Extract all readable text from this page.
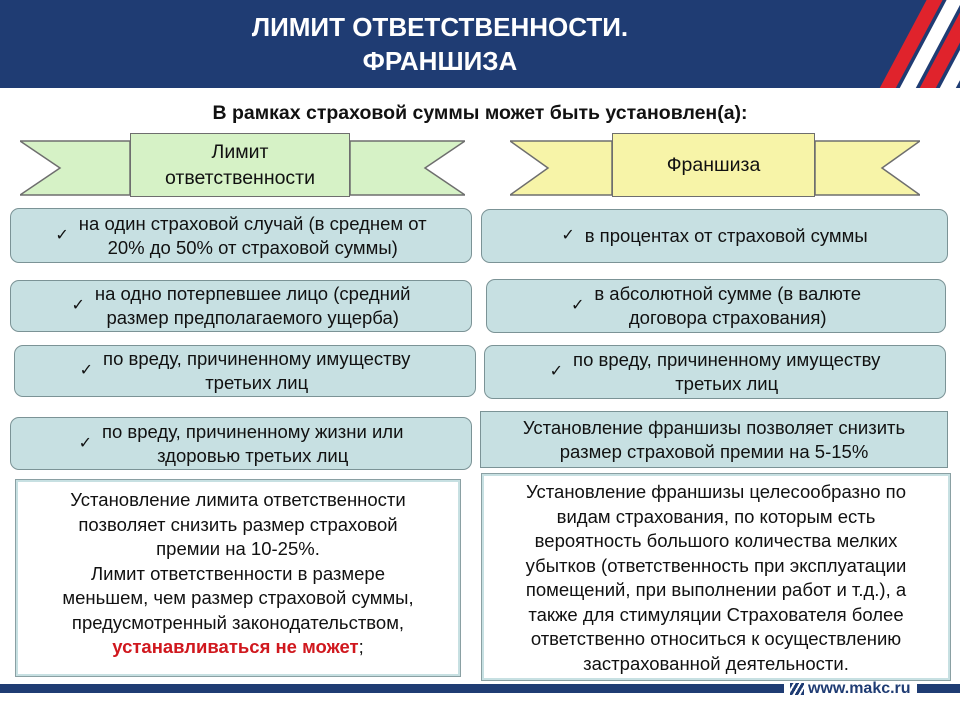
ЛИМИТ ОТВЕТСТВЕННОСТИ.
ФРАНШИЗА
В рамках страховой суммы может быть установлен(а):
Лимит
ответственности
Франшиза
✓
на один страховой случай (в среднем от
20% до 50% от страховой суммы)
✓
на одно потерпевшее лицо (средний
размер предполагаемого ущерба)
✓
по вреду, причиненному имуществу
третьих лиц
✓
по вреду, причиненному жизни или
здоровью третьих лиц

Установление лимита ответственности

позволяет снизить размер страховой

премии на 10-25%.

Лимит ответственности в размере

меньшем, чем размер страховой суммы,

предусмотренный законодательством,

устанавливаться не может;

✓ в процентах от страховой суммы
✓
в абсолютной сумме (в валюте
договора страхования)
✓
по вреду, причиненному имуществу
третьих лиц
Установление франшизы позволяет снизить
размер страховой премии на 5-15%

Установление франшизы целесообразно по

видам страхования, по которым есть

вероятность большого количества мелких

убытков (ответственность при эксплуатации

помещений, при выполнении работ и т.д.), а

также для стимуляции Страхователя более

ответственно относиться к осуществлению

застрахованной деятельности.

www.makc.ru
